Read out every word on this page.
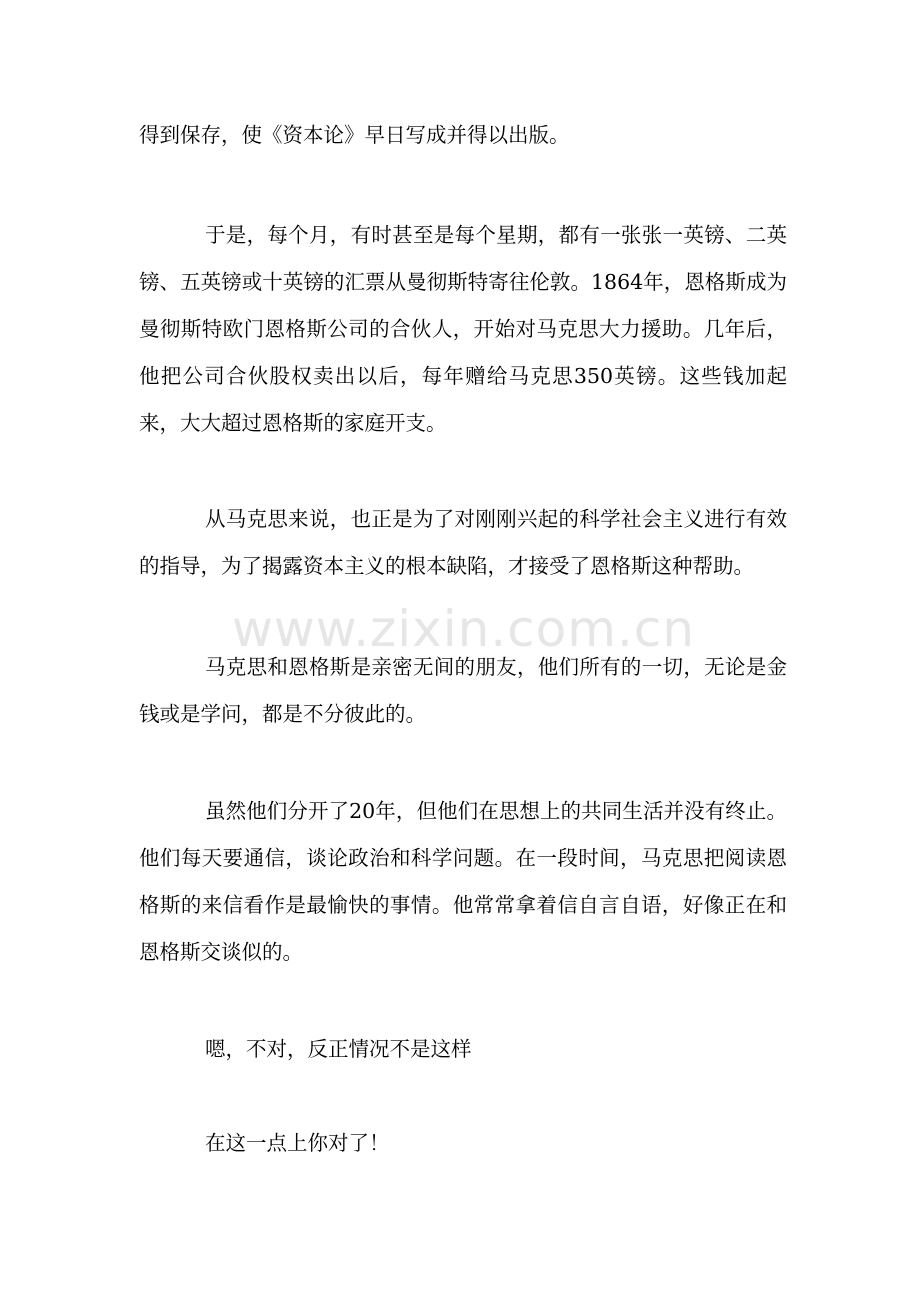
www.zixin.com.cn

得到保存，使《资本论》早日写成并得以出版。

于是，每个月，有时甚至是每个星期，都有一张张一英镑、二英镑、五英镑或十英镑的汇票从曼彻斯特寄往伦敦。1864年，恩格斯成为曼彻斯特欧门恩格斯公司的合伙人，开始对马克思大力援助。几年后，他把公司合伙股权卖出以后，每年赠给马克思350英镑。这些钱加起来，大大超过恩格斯的家庭开支。

从马克思来说，也正是为了对刚刚兴起的科学社会主义进行有效的指导，为了揭露资本主义的根本缺陷，才接受了恩格斯这种帮助。

马克思和恩格斯是亲密无间的朋友，他们所有的一切，无论是金钱或是学问，都是不分彼此的。

虽然他们分开了20年，但他们在思想上的共同生活并没有终止。他们每天要通信，谈论政治和科学问题。在一段时间，马克思把阅读恩格斯的来信看作是最愉快的事情。他常常拿着信自言自语，好像正在和恩格斯交谈似的。

嗯，不对，反正情况不是这样

在这一点上你对了！
